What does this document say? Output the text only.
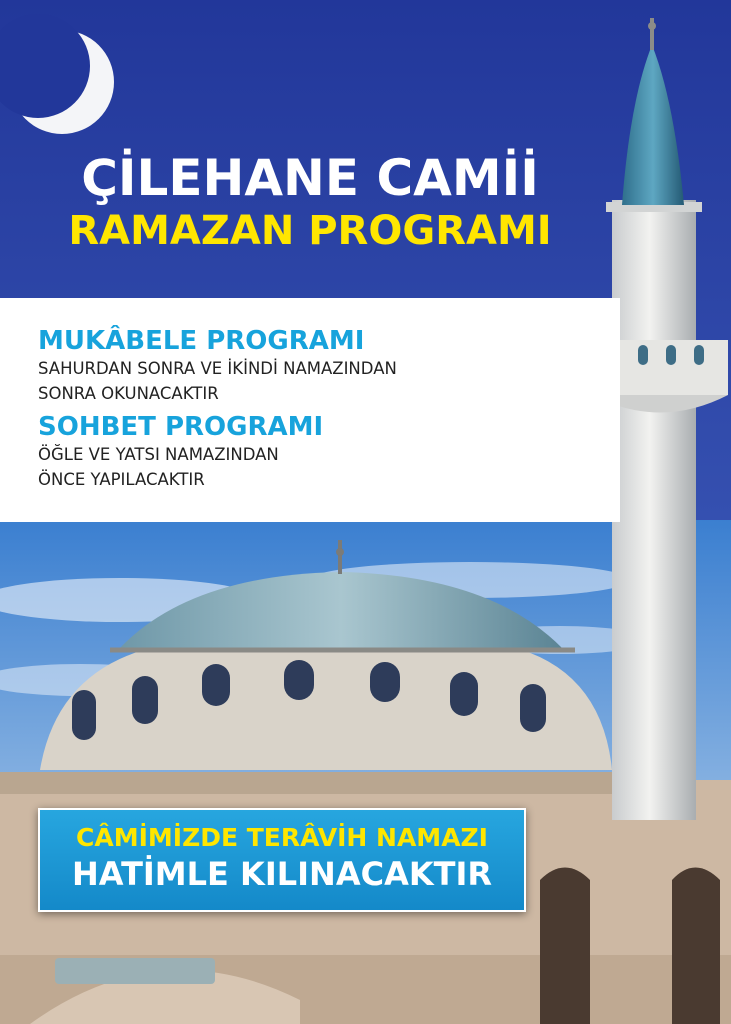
ÇİLEHANE CAMİİ
RAMAZAN PROGRAMI
MUKÂBELE PROGRAMI
SAHURDAN SONRA VE İKİNDİ NAMAZINDAN
SONRA OKUNACAKTIR
SOHBET PROGRAMI
ÖĞLE VE YATSI NAMAZINDAN
ÖNCE YAPILACAKTIR
CÂMİMİZDE TERÂVİH NAMAZI
HATİMLE KILINACAKTIR
